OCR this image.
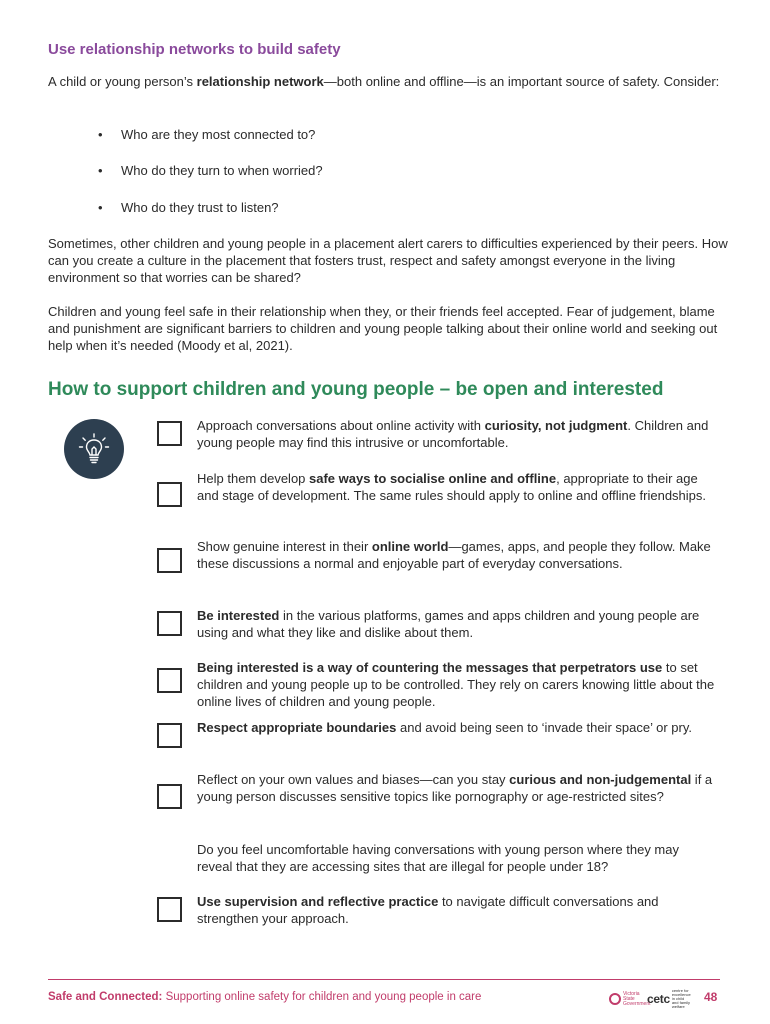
Use relationship networks to build safety
A child or young person’s relationship network—both online and offline—is an important source of safety. Consider:
•	Who are they most connected to?
•	Who do they turn to when worried?
•	Who do they trust to listen?
Sometimes, other children and young people in a placement alert carers to difficulties experienced by their peers. How can you create a culture in the placement that fosters trust, respect and safety amongst everyone in the living environment so that worries can be shared?
Children and young feel safe in their relationship when they, or their friends feel accepted. Fear of judgement, blame and punishment are significant barriers to children and young people talking about their online world and seeking out help when it’s needed (Moody et al, 2021).
How to support children and young people – be open and interested
Approach conversations about online activity with curiosity, not judgment. Children and young people may find this intrusive or uncomfortable.
Help them develop safe ways to socialise online and offline, appropriate to their age and stage of development. The same rules should apply to online and offline friendships.
Show genuine interest in their online world—games, apps, and people they follow. Make these discussions a normal and enjoyable part of everyday conversations.
Be interested in the various platforms, games and apps children and young people are using and what they like and dislike about them.
Being interested is a way of countering the messages that perpetrators use to set children and young people up to be controlled. They rely on carers knowing little about the online lives of children and young people.
Respect appropriate boundaries and avoid being seen to ‘invade their space’ or pry.
Reflect on your own values and biases—can you stay curious and non-judgemental if a young person discusses sensitive topics like pornography or age-restricted sites?
Do you feel uncomfortable having conversations with young person where they may reveal that they are accessing sites that are illegal for people under 18?
Use supervision and reflective practice to navigate difficult conversations and strengthen your approach.
Safe and Connected: Supporting online safety for children and young people in care	Victoria State Government
cetc
centre for excellence in child and family welfare
48
